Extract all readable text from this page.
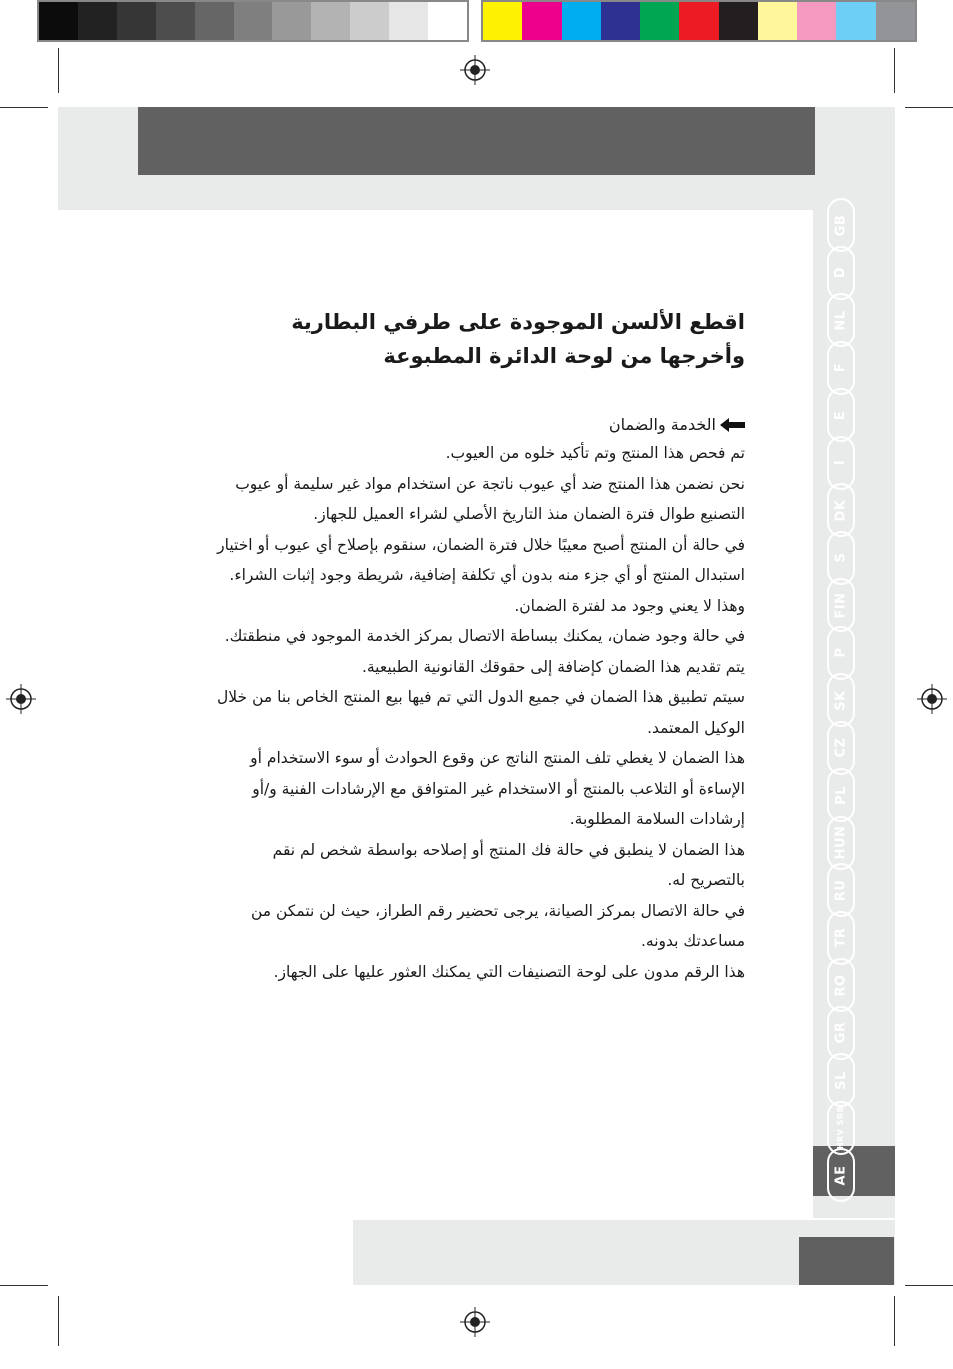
GB
D
NL
F
E
I
DK
S
FIN
P
SK
CZ
PL
HUN
RU
TR
RO
GR
SL
HRV SRB
AE
اقطع الألسن الموجودة على طرفي البطارية وأخرجها من لوحة الدائرة المطبوعة
الخدمة والضمان

تم فحص هذا المنتج وتم تأكيد خلوه من العيوب.

نحن نضمن هذا المنتج ضد أي عيوب ناتجة عن استخدام مواد غير سليمة أو عيوب التصنيع طوال فترة الضمان منذ التاريخ الأصلي لشراء العميل للجهاز.

في حالة أن المنتج أصبح معيبًا خلال فترة الضمان، سنقوم بإصلاح أي عيوب أو اختيار استبدال المنتج أو أي جزء منه بدون أي تكلفة إضافية، شريطة وجود إثبات الشراء.

وهذا لا يعني وجود مد لفترة الضمان.

في حالة وجود ضمان، يمكنك ببساطة الاتصال بمركز الخدمة الموجود في منطقتك.

يتم تقديم هذا الضمان كإضافة إلى حقوقك القانونية الطبيعية.

سيتم تطبيق هذا الضمان في جميع الدول التي تم فيها بيع المنتج الخاص بنا من خلال الوكيل المعتمد.

هذا الضمان لا يغطي تلف المنتج الناتج عن وقوع الحوادث أو سوء الاستخدام أو الإساءة أو التلاعب بالمنتج أو الاستخدام غير المتوافق مع الإرشادات الفنية و/أو إرشادات السلامة المطلوبة.

هذا الضمان لا ينطبق في حالة فك المنتج أو إصلاحه بواسطة شخص لم نقم بالتصريح له.

في حالة الاتصال بمركز الصيانة، يرجى تحضير رقم الطراز، حيث لن نتمكن من مساعدتك بدونه.

هذا الرقم مدون على لوحة التصنيفات التي يمكنك العثور عليها على الجهاز.
